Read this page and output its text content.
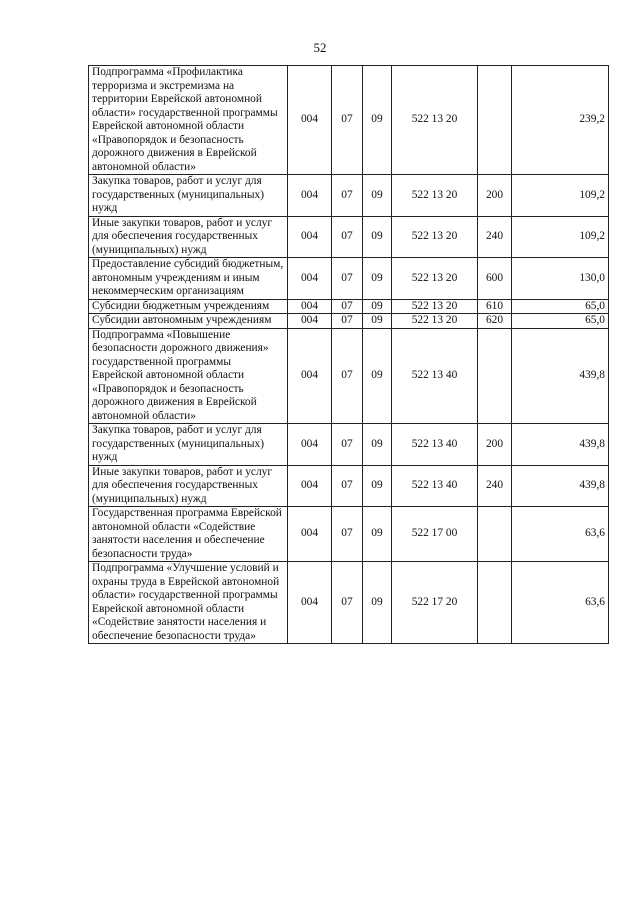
52
Подпрограмма «Профилактика терроризма и экстремизма на территории Еврейской автономной области» государственной программы Еврейской автономной области «Правопорядок и безопасность дорожного движения в Еврейской автономной области»	004	07	09	522 13 20		239,2
Закупка товаров, работ и услуг для государственных (муниципальных) нужд	004	07	09	522 13 20	200	109,2
Иные закупки товаров, работ и услуг для обеспечения государственных (муниципальных) нужд	004	07	09	522 13 20	240	109,2
Предоставление субсидий бюджетным, автономным учреждениям и иным некоммерческим организациям	004	07	09	522 13 20	600	130,0
Субсидии бюджетным учреждениям	004	07	09	522 13 20	610	65,0
Субсидии автономным учреждениям	004	07	09	522 13 20	620	65,0
Подпрограмма «Повышение безопасности дорожного движения» государственной программы Еврейской автономной области «Правопорядок и безопасность дорожного движения в Еврейской автономной области»	004	07	09	522 13 40		439,8
Закупка товаров, работ и услуг для государственных (муниципальных) нужд	004	07	09	522 13 40	200	439,8
Иные закупки товаров, работ и услуг для обеспечения государственных (муниципальных) нужд	004	07	09	522 13 40	240	439,8
Государственная программа Еврейской автономной области «Содействие занятости населения и обеспечение безопасности труда»	004	07	09	522 17 00		63,6
Подпрограмма «Улучшение условий и охраны труда в Еврейской автономной области» государственной программы Еврейской автономной области «Содействие занятости населения и обеспечение безопасности труда»	004	07	09	522 17 20		63,6
